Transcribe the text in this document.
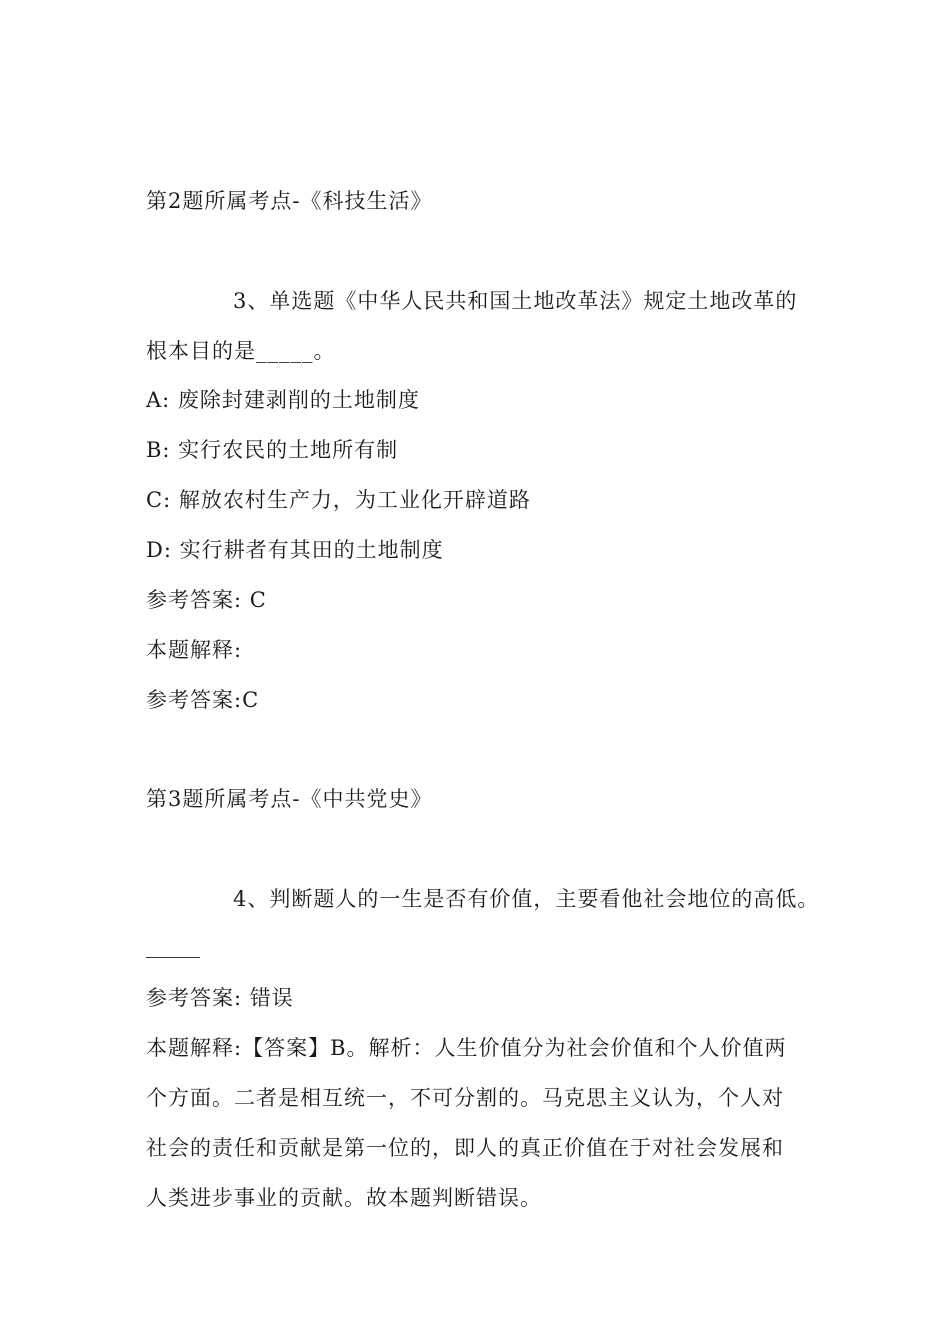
第2题所属考点-《科技生活》
3、单选题《中华人民共和国土地改革法》规定土地改革的
根本目的是_____。
A: 废除封建剥削的土地制度
B: 实行农民的土地所有制
C: 解放农村生产力，为工业化开辟道路
D: 实行耕者有其田的土地制度
参考答案: C
本题解释:
参考答案:C
第3题所属考点-《中共党史》
4、判断题人的一生是否有价值，主要看他社会地位的高低。
参考答案: 错误
本题解释:【答案】B。解析：人生价值分为社会价值和个人价值两
个方面。二者是相互统一，不可分割的。马克思主义认为，个人对
社会的责任和贡献是第一位的，即人的真正价值在于对社会发展和
人类进步事业的贡献。故本题判断错误。
